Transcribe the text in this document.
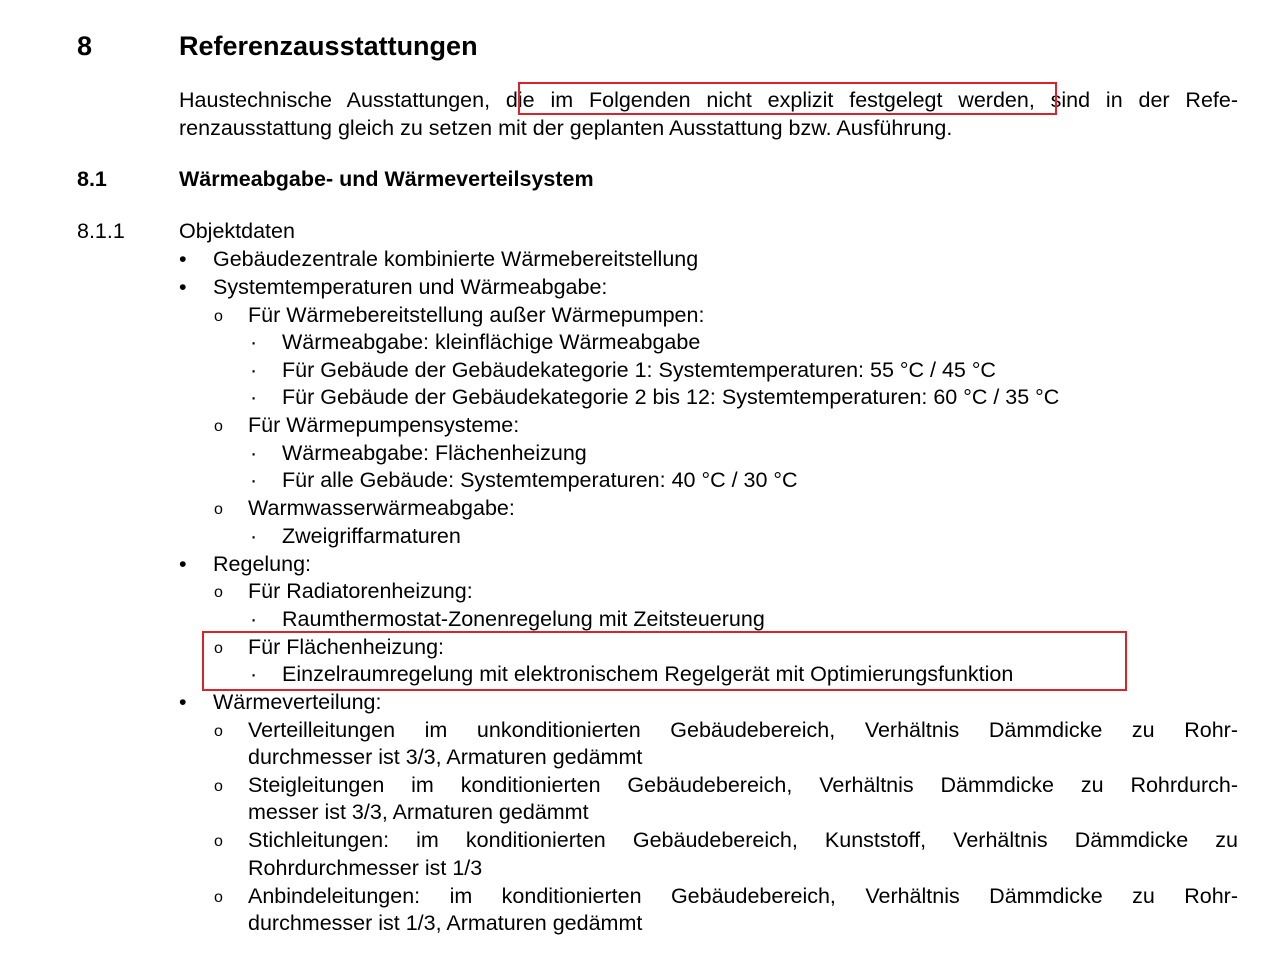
8	Referenzausstattungen
Haustechnische Ausstattungen, die im Folgenden nicht explizit festgelegt werden, sind in der Refe-
renzausstattung gleich zu setzen mit der geplanten Ausstattung bzw. Ausführung.
8.1	Wärmeabgabe- und Wärmeverteilsystem
8.1.1	Objektdaten
• Gebäudezentrale kombinierte Wärmebereitstellung
• Systemtemperaturen und Wärmeabgabe:
o Für Wärmebereitstellung außer Wärmepumpen:
· Wärmeabgabe: kleinflächige Wärmeabgabe
· Für Gebäude der Gebäudekategorie 1: Systemtemperaturen: 55 °C / 45 °C
· Für Gebäude der Gebäudekategorie 2 bis 12: Systemtemperaturen: 60 °C / 35 °C
o Für Wärmepumpensysteme:
· Wärmeabgabe: Flächenheizung
· Für alle Gebäude: Systemtemperaturen: 40 °C / 30 °C
o Warmwasserwärmeabgabe:
· Zweigriffarmaturen
• Regelung:
o Für Radiatorenheizung:
· Raumthermostat-Zonenregelung mit Zeitsteuerung
o Für Flächenheizung:
· Einzelraumregelung mit elektronischem Regelgerät mit Optimierungsfunktion
• Wärmeverteilung:
o Verteilleitungen im unkonditionierten Gebäudebereich, Verhältnis Dämmdicke zu Rohr-
durchmesser ist 3/3, Armaturen gedämmt
o Steigleitungen im konditionierten Gebäudebereich, Verhältnis Dämmdicke zu Rohrdurch-
messer ist 3/3, Armaturen gedämmt
o Stichleitungen: im konditionierten Gebäudebereich, Kunststoff, Verhältnis Dämmdicke zu
Rohrdurchmesser ist 1/3
o Anbindeleitungen: im konditionierten Gebäudebereich, Verhältnis Dämmdicke zu Rohr-
durchmesser ist 1/3, Armaturen gedämmt
